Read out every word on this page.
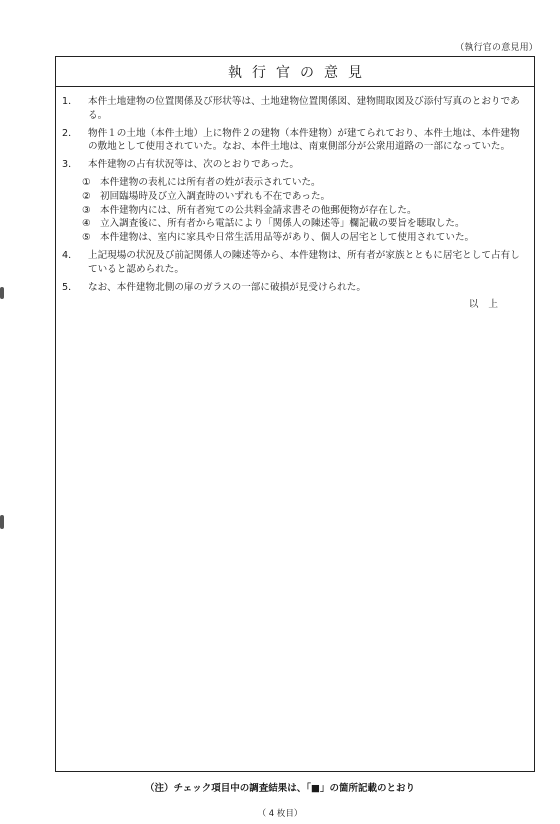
（執行官の意見用）
執行官の意見
1．	本件土地建物の位置関係及び形状等は、土地建物位置関係図、建物間取図及び添付写真のとおりである。
2．	物件１の土地（本件土地）上に物件２の建物（本件建物）が建てられており、本件土地は、本件建物の敷地として使用されていた。なお、本件土地は、南東側部分が公衆用道路の一部になっていた。
3．	本件建物の占有状況等は、次のとおりであった。
① 本件建物の表札には所有者の姓が表示されていた。
② 初回臨場時及び立入調査時のいずれも不在であった。
③ 本件建物内には、所有者宛ての公共料金請求書その他郵便物が存在した。
④ 立入調査後に、所有者から電話により「関係人の陳述等」欄記載の要旨を聴取した。
⑤ 本件建物は、室内に家具や日常生活用品等があり、個人の居宅として使用されていた。
4．	上記現場の状況及び前記関係人の陳述等から、本件建物は、所有者が家族とともに居宅として占有していると認められた。
5．	なお、本件建物北側の扉のガラスの一部に破損が見受けられた。
以上
（注）チェック項目中の調査結果は、「■」の箇所記載のとおり
（ 4 枚目）
